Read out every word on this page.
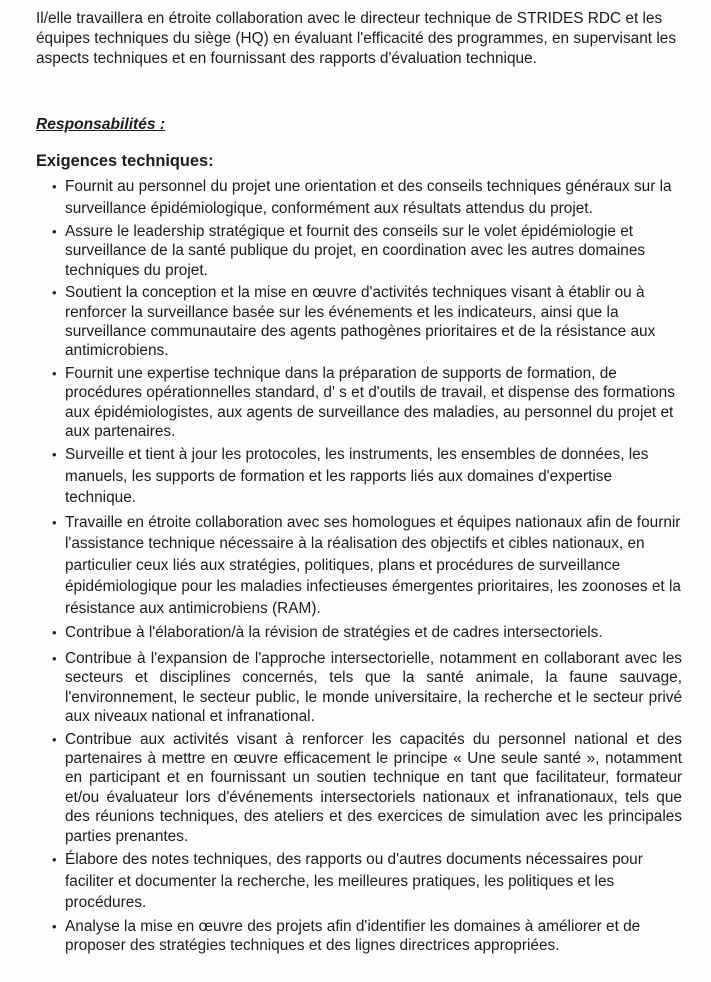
Il/elle travaillera en étroite collaboration avec le directeur technique de STRIDES RDC et les équipes techniques du siège (HQ) en évaluant l'efficacité des programmes, en supervisant les aspects techniques et en fournissant des rapports d'évaluation technique.

Responsabilités :

Exigences techniques:

• Fournit au personnel du projet une orientation et des conseils techniques généraux sur la surveillance épidémiologique, conformément aux résultats attendus du projet.
• Assure le leadership stratégique et fournit des conseils sur le volet épidémiologie et surveillance de la santé publique du projet, en coordination avec les autres domaines techniques du projet.
• Soutient la conception et la mise en œuvre d'activités techniques visant à établir ou à renforcer la surveillance basée sur les événements et les indicateurs, ainsi que la surveillance communautaire des agents pathogènes prioritaires et de la résistance aux antimicrobiens.
• Fournit une expertise technique dans la préparation de supports de formation, de procédures opérationnelles standard, d' s et d'outils de travail, et dispense des formations aux épidémiologistes, aux agents de surveillance des maladies, au personnel du projet et aux partenaires.
• Surveille et tient à jour les protocoles, les instruments, les ensembles de données, les manuels, les supports de formation et les rapports liés aux domaines d'expertise technique.
• Travaille en étroite collaboration avec ses homologues et équipes nationaux afin de fournir l'assistance technique nécessaire à la réalisation des objectifs et cibles nationaux, en particulier ceux liés aux stratégies, politiques, plans et procédures de surveillance épidémiologique pour les maladies infectieuses émergentes prioritaires, les zoonoses et la résistance aux antimicrobiens (RAM).
• Contribue à l'élaboration/à la révision de stratégies et de cadres intersectoriels.
• Contribue à l'expansion de l'approche intersectorielle, notamment en collaborant avec les secteurs et disciplines concernés, tels que la santé animale, la faune sauvage, l'environnement, le secteur public, le monde universitaire, la recherche et le secteur privé aux niveaux national et infranational.
• Contribue aux activités visant à renforcer les capacités du personnel national et des partenaires à mettre en œuvre efficacement le principe « Une seule santé », notamment en participant et en fournissant un soutien technique en tant que facilitateur, formateur et/ou évaluateur lors d'événements intersectoriels nationaux et infranationaux, tels que des réunions techniques, des ateliers et des exercices de simulation avec les principales parties prenantes.
• Élabore des notes techniques, des rapports ou d'autres documents nécessaires pour faciliter et documenter la recherche, les meilleures pratiques, les politiques et les procédures.
• Analyse la mise en œuvre des projets afin d'identifier les domaines à améliorer et de proposer des stratégies techniques et des lignes directrices appropriées.
